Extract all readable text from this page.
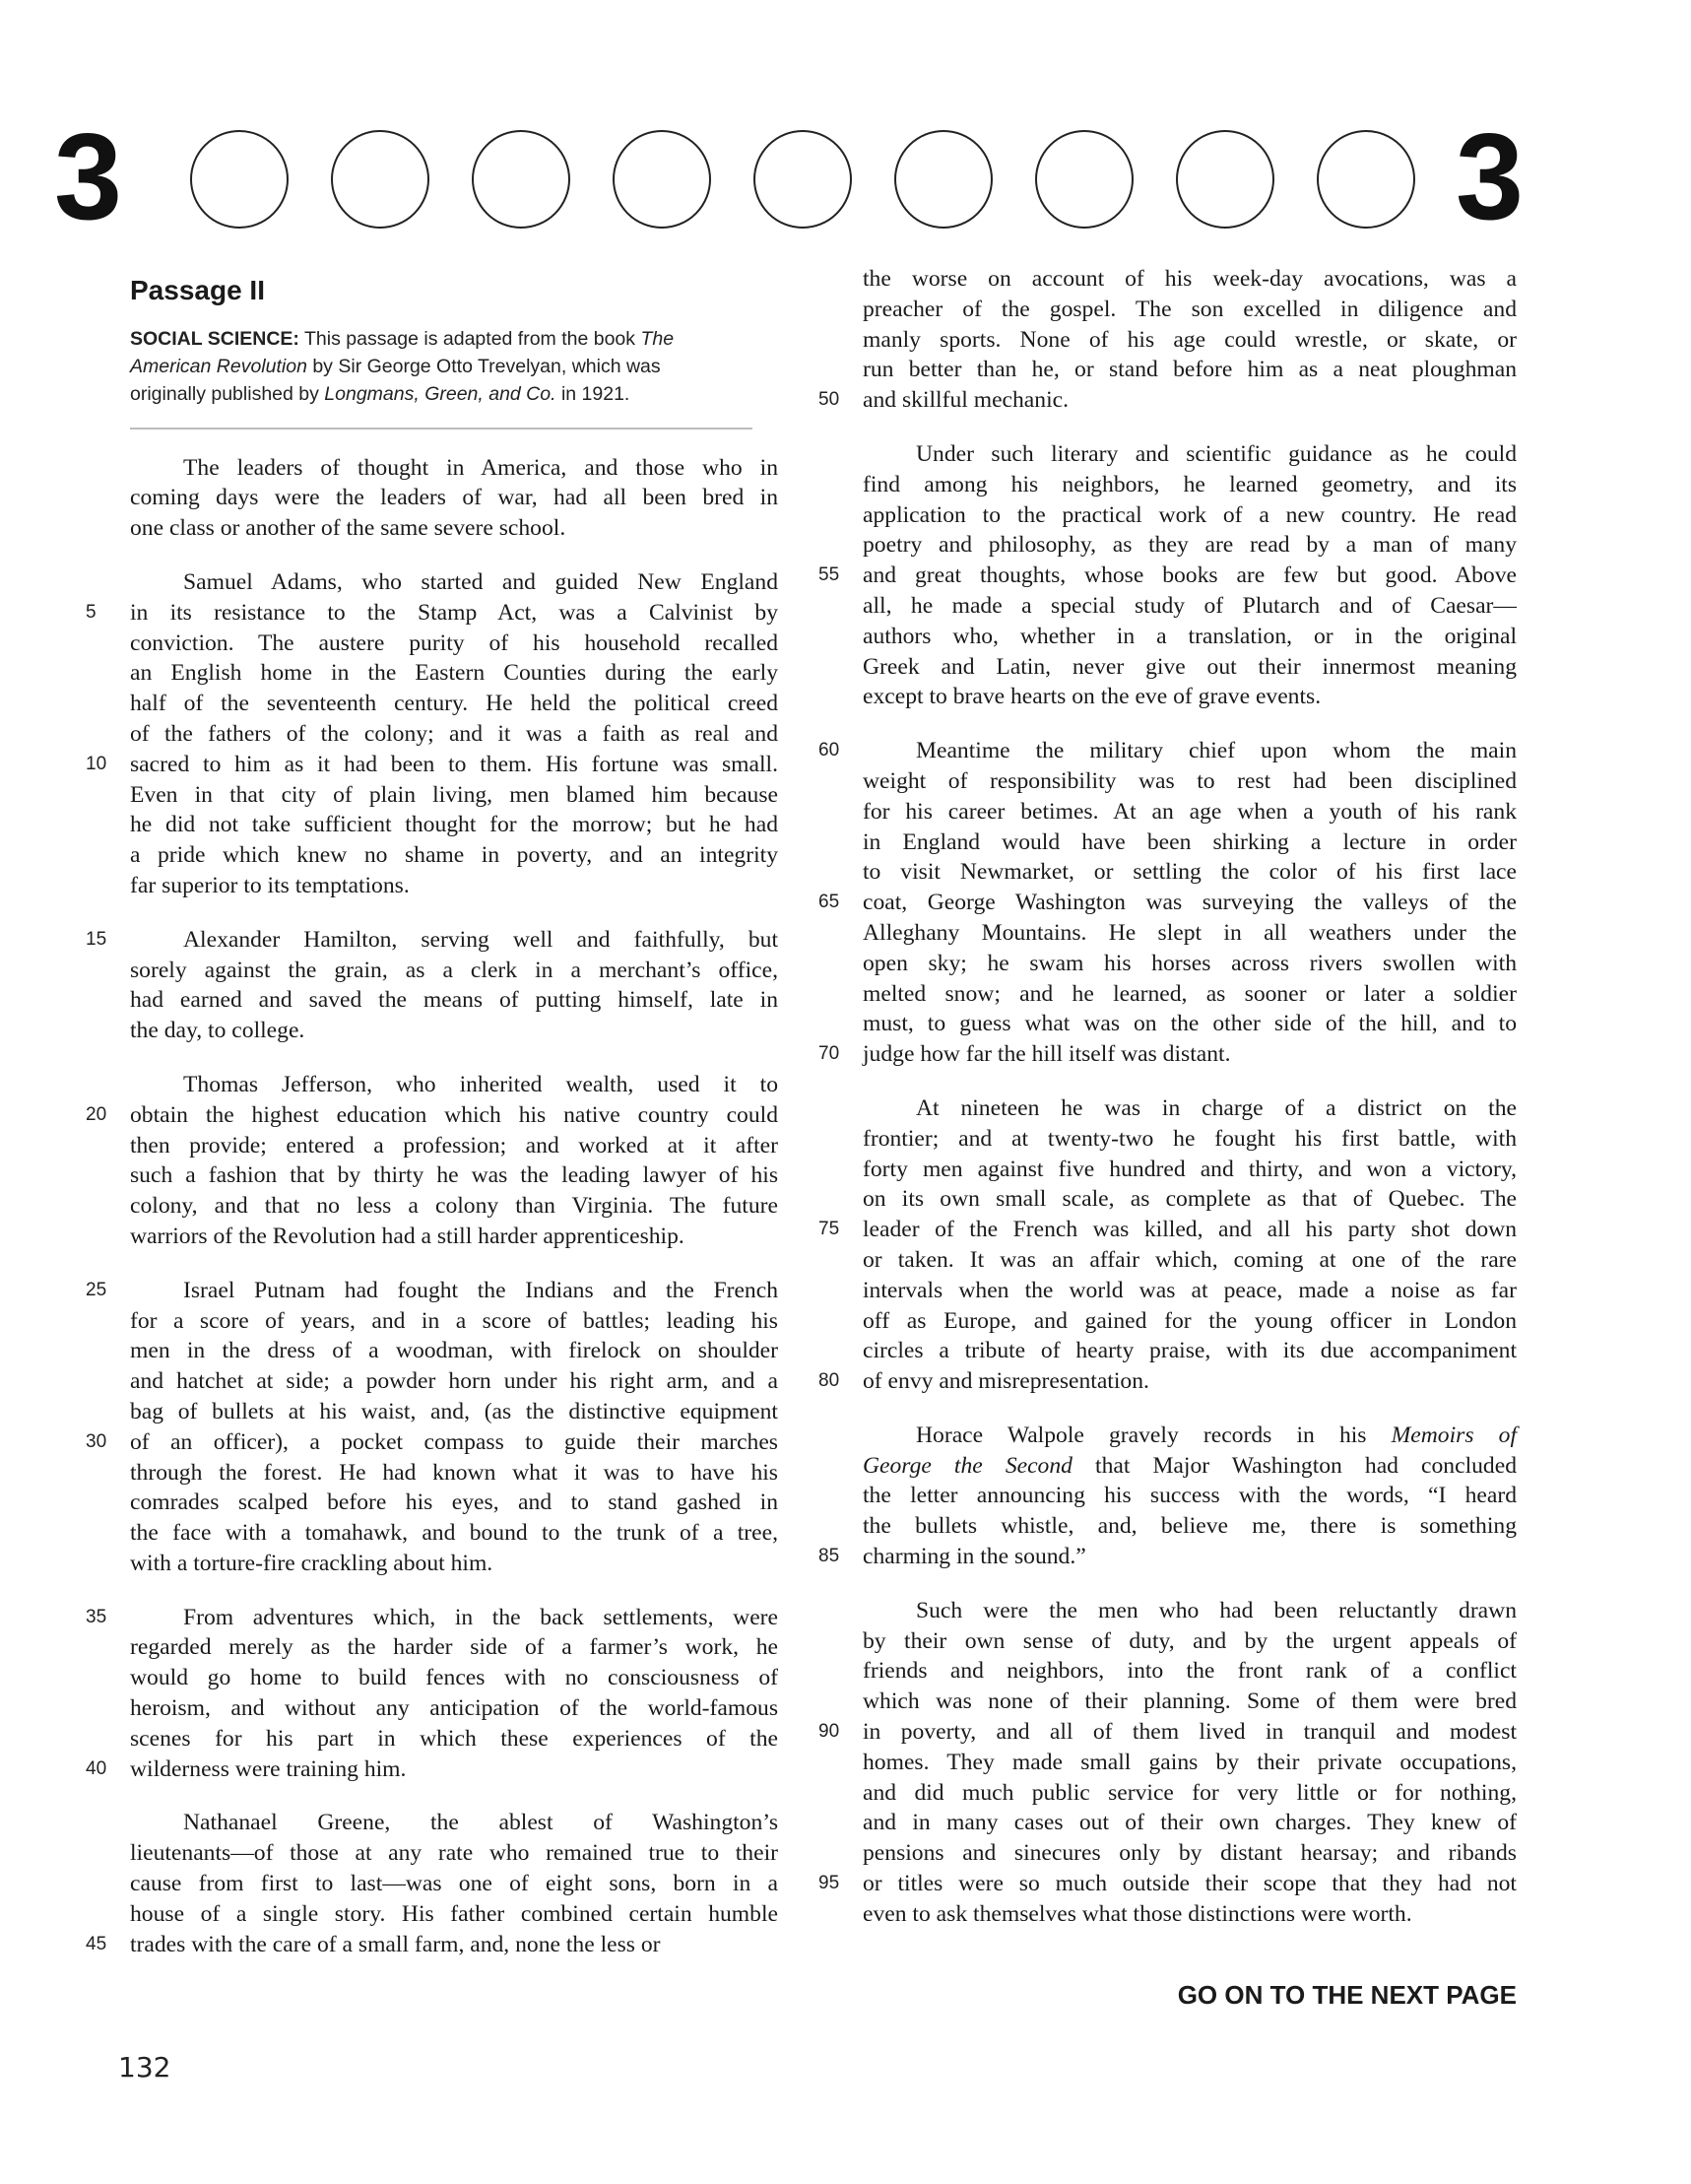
3	3
Passage II
SOCIAL SCIENCE: This passage is adapted from the book The
American Revolution by Sir George Otto Trevelyan, which was
originally published by Longmans, Green, and Co. in 1921.
The leaders of thought in America, and those who in
coming days were the leaders of war, had all been bred in
one class or another of the same severe school.
Samuel Adams, who started and guided New England
5	in its resistance to the Stamp Act, was a Calvinist by
conviction. The austere purity of his household recalled
an English home in the Eastern Counties during the early
half of the seventeenth century. He held the political creed
of the fathers of the colony; and it was a faith as real and
10	sacred to him as it had been to them. His fortune was small.
Even in that city of plain living, men blamed him because
he did not take sufficient thought for the morrow; but he had
a pride which knew no shame in poverty, and an integrity
far superior to its temptations.
15	Alexander Hamilton, serving well and faithfully, but
sorely against the grain, as a clerk in a merchant’s office,
had earned and saved the means of putting himself, late in
the day, to college.
Thomas Jefferson, who inherited wealth, used it to
20	obtain the highest education which his native country could
then provide; entered a profession; and worked at it after
such a fashion that by thirty he was the leading lawyer of his
colony, and that no less a colony than Virginia. The future
warriors of the Revolution had a still harder apprenticeship.
25	Israel Putnam had fought the Indians and the French
for a score of years, and in a score of battles; leading his
men in the dress of a woodman, with firelock on shoulder
and hatchet at side; a powder horn under his right arm, and a
bag of bullets at his waist, and, (as the distinctive equipment
30	of an officer), a pocket compass to guide their marches
through the forest. He had known what it was to have his
comrades scalped before his eyes, and to stand gashed in
the face with a tomahawk, and bound to the trunk of a tree,
with a torture-fire crackling about him.
35	From adventures which, in the back settlements, were
regarded merely as the harder side of a farmer’s work, he
would go home to build fences with no consciousness of
heroism, and without any anticipation of the world-famous
scenes for his part in which these experiences of the
40	wilderness were training him.
Nathanael Greene, the ablest of Washington’s
lieutenants—of those at any rate who remained true to their
cause from first to last—was one of eight sons, born in a
house of a single story. His father combined certain humble
45	trades with the care of a small farm, and, none the less or
the worse on account of his week-day avocations, was a
preacher of the gospel. The son excelled in diligence and
manly sports. None of his age could wrestle, or skate, or
run better than he, or stand before him as a neat ploughman
50	and skillful mechanic.
Under such literary and scientific guidance as he could
find among his neighbors, he learned geometry, and its
application to the practical work of a new country. He read
poetry and philosophy, as they are read by a man of many
55	and great thoughts, whose books are few but good. Above
all, he made a special study of Plutarch and of Caesar—
authors who, whether in a translation, or in the original
Greek and Latin, never give out their innermost meaning
except to brave hearts on the eve of grave events.
60	Meantime the military chief upon whom the main
weight of responsibility was to rest had been disciplined
for his career betimes. At an age when a youth of his rank
in England would have been shirking a lecture in order
to visit Newmarket, or settling the color of his first lace
65	coat, George Washington was surveying the valleys of the
Alleghany Mountains. He slept in all weathers under the
open sky; he swam his horses across rivers swollen with
melted snow; and he learned, as sooner or later a soldier
must, to guess what was on the other side of the hill, and to
70	judge how far the hill itself was distant.
At nineteen he was in charge of a district on the
frontier; and at twenty-two he fought his first battle, with
forty men against five hundred and thirty, and won a victory,
on its own small scale, as complete as that of Quebec. The
75	leader of the French was killed, and all his party shot down
or taken. It was an affair which, coming at one of the rare
intervals when the world was at peace, made a noise as far
off as Europe, and gained for the young officer in London
circles a tribute of hearty praise, with its due accompaniment
80	of envy and misrepresentation.
Horace Walpole gravely records in his Memoirs of
George the Second that Major Washington had concluded
the letter announcing his success with the words, “I heard
the bullets whistle, and, believe me, there is something
85	charming in the sound.”
Such were the men who had been reluctantly drawn
by their own sense of duty, and by the urgent appeals of
friends and neighbors, into the front rank of a conflict
which was none of their planning. Some of them were bred
90	in poverty, and all of them lived in tranquil and modest
homes. They made small gains by their private occupations,
and did much public service for very little or for nothing,
and in many cases out of their own charges. They knew of
pensions and sinecures only by distant hearsay; and ribands
95	or titles were so much outside their scope that they had not
even to ask themselves what those distinctions were worth.
GO ON TO THE NEXT PAGE
132
